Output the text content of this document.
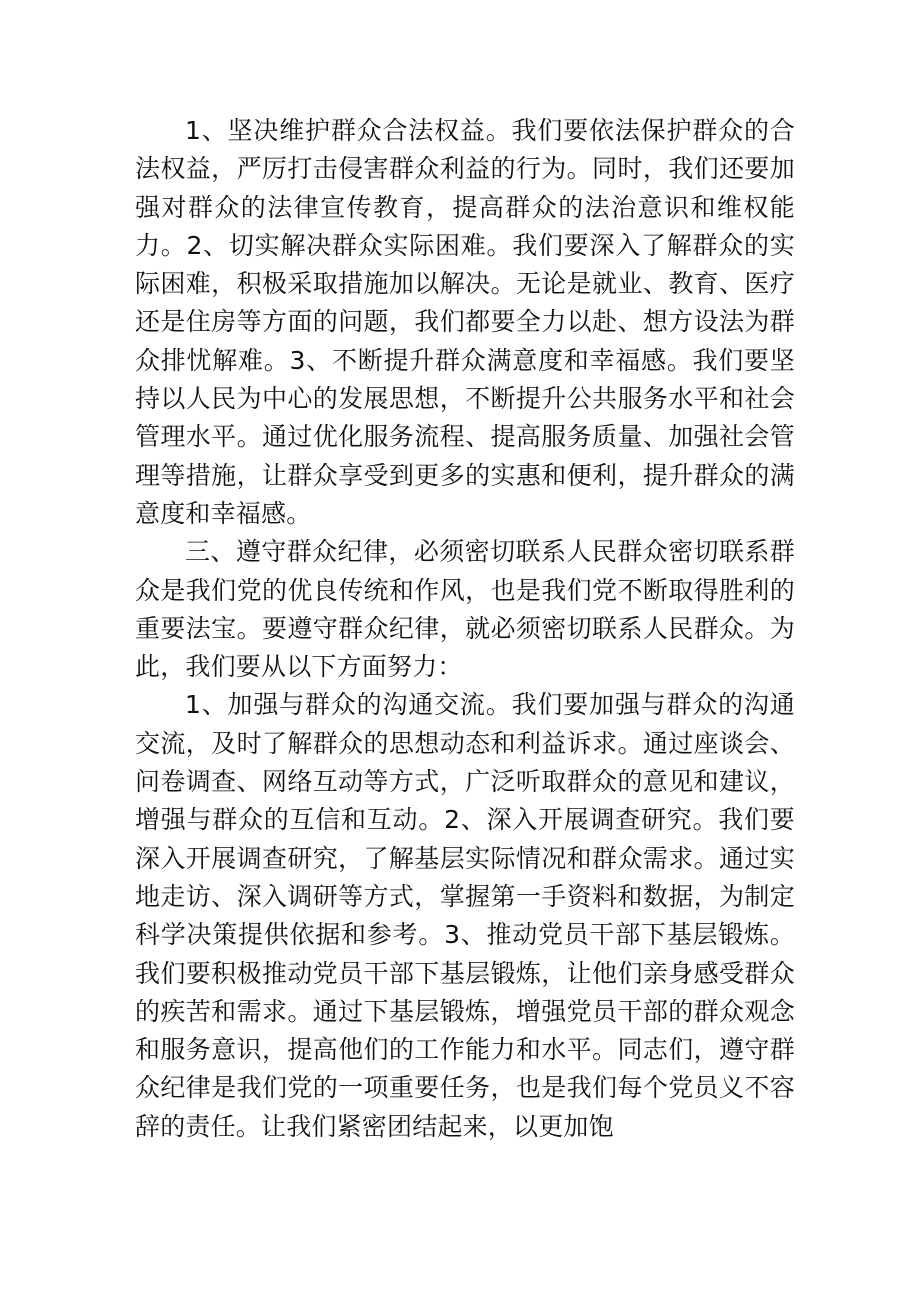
1、坚决维护群众合法权益。我们要依法保护群众的合法权益，严厉打击侵害群众利益的行为。同时，我们还要加强对群众的法律宣传教育，提高群众的法治意识和维权能力。2、切实解决群众实际困难。我们要深入了解群众的实际困难，积极采取措施加以解决。无论是就业、教育、医疗还是住房等方面的问题，我们都要全力以赴、想方设法为群众排忧解难。3、不断提升群众满意度和幸福感。我们要坚持以人民为中心的发展思想，不断提升公共服务水平和社会管理水平。通过优化服务流程、提高服务质量、加强社会管理等措施，让群众享受到更多的实惠和便利，提升群众的满意度和幸福感。

三、遵守群众纪律，必须密切联系人民群众密切联系群众是我们党的优良传统和作风，也是我们党不断取得胜利的重要法宝。要遵守群众纪律，就必须密切联系人民群众。为此，我们要从以下方面努力：

1、加强与群众的沟通交流。我们要加强与群众的沟通交流，及时了解群众的思想动态和利益诉求。通过座谈会、问卷调查、网络互动等方式，广泛听取群众的意见和建议，增强与群众的互信和互动。2、深入开展调查研究。我们要深入开展调查研究，了解基层实际情况和群众需求。通过实地走访、深入调研等方式，掌握第一手资料和数据，为制定科学决策提供依据和参考。3、推动党员干部下基层锻炼。我们要积极推动党员干部下基层锻炼，让他们亲身感受群众的疾苦和需求。通过下基层锻炼，增强党员干部的群众观念和服务意识，提高他们的工作能力和水平。同志们，遵守群众纪律是我们党的一项重要任务，也是我们每个党员义不容辞的责任。让我们紧密团结起来，以更加饱
